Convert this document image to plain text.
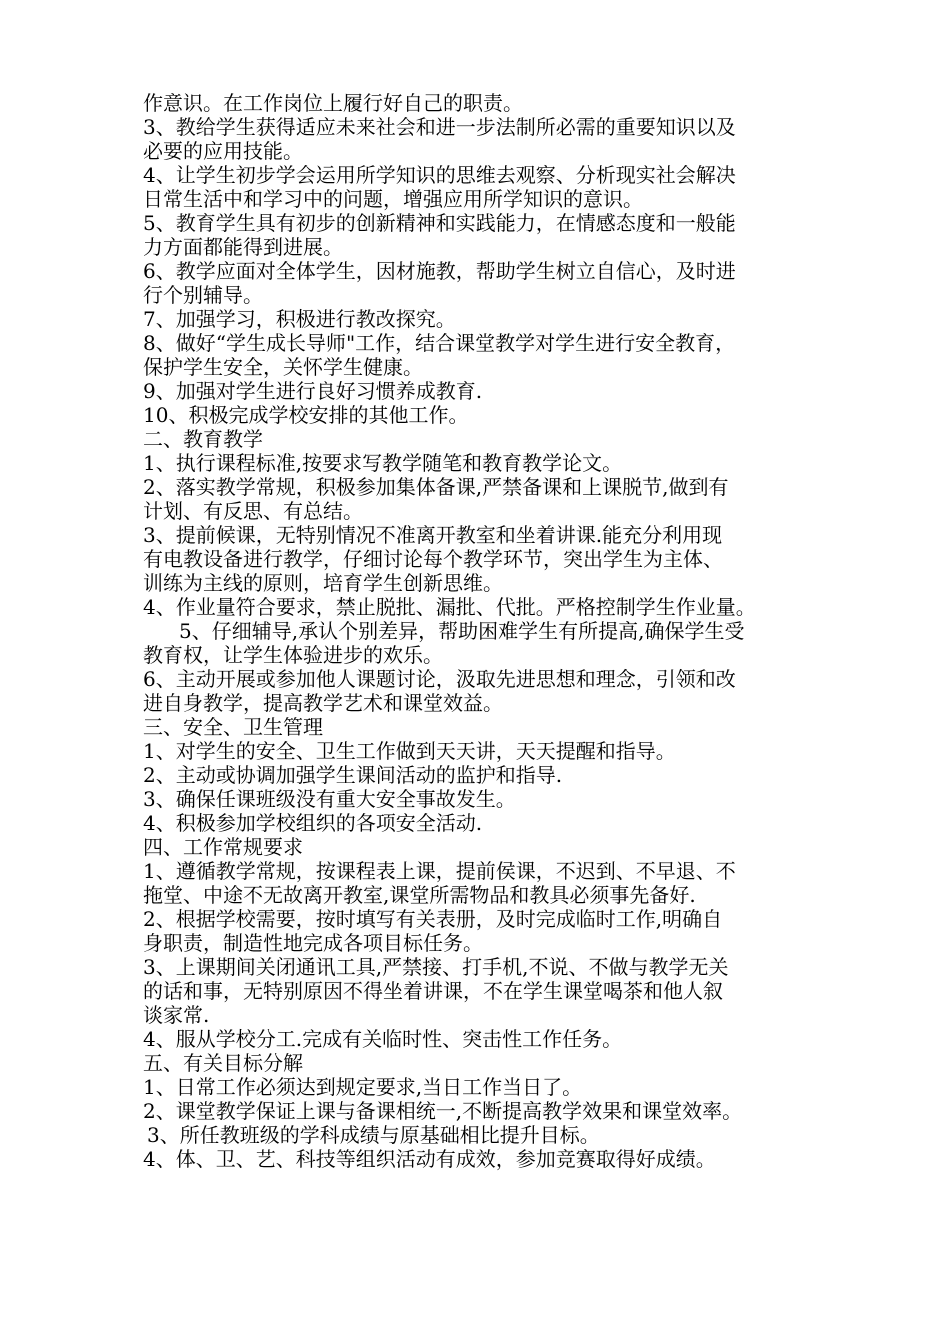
作意识。在工作岗位上履行好自己的职责。
3、教给学生获得适应未来社会和进一步法制所必需的重要知识以及
必要的应用技能。
4、让学生初步学会运用所学知识的思维去观察、分析现实社会解决
日常生活中和学习中的问题，增强应用所学知识的意识。
5、教育学生具有初步的创新精神和实践能力，在情感态度和一般能
力方面都能得到进展。
6、教学应面对全体学生，因材施教，帮助学生树立自信心，及时进
行个别辅导。
7、加强学习，积极进行教改探究。
8、做好“学生成长导师"工作，结合课堂教学对学生进行安全教育，
保护学生安全，关怀学生健康。
9、加强对学生进行良好习惯养成教育.
10、积极完成学校安排的其他工作。
二、教育教学
1、执行课程标准,按要求写教学随笔和教育教学论文。
2、落实教学常规，积极参加集体备课,严禁备课和上课脱节,做到有
计划、有反思、有总结。
3、提前候课，无特别情况不准离开教室和坐着讲课.能充分利用现
有电教设备进行教学，仔细讨论每个教学环节，突出学生为主体、
训练为主线的原则，培育学生创新思维。
4、作业量符合要求，禁止脱批、漏批、代批。严格控制学生作业量。
5、仔细辅导,承认个别差异，帮助困难学生有所提高,确保学生受
教育权，让学生体验进步的欢乐。
6、主动开展或参加他人课题讨论，汲取先进思想和理念，引领和改
进自身教学，提高教学艺术和课堂效益。
三、安全、卫生管理
1、对学生的安全、卫生工作做到天天讲，天天提醒和指导。
2、主动或协调加强学生课间活动的监护和指导.
3、确保任课班级没有重大安全事故发生。
4、积极参加学校组织的各项安全活动.
四、工作常规要求
1、遵循教学常规，按课程表上课，提前侯课，不迟到、不早退、不
拖堂、中途不无故离开教室,课堂所需物品和教具必须事先备好.
2、根据学校需要，按时填写有关表册，及时完成临时工作,明确自
身职责，制造性地完成各项目标任务。
3、上课期间关闭通讯工具,严禁接、打手机,不说、不做与教学无关
的话和事，无特别原因不得坐着讲课，不在学生课堂喝茶和他人叙
谈家常.
4、服从学校分工.完成有关临时性、突击性工作任务。
五、有关目标分解
1、日常工作必须达到规定要求,当日工作当日了。
2、课堂教学保证上课与备课相统一,不断提高教学效果和课堂效率。
3、所任教班级的学科成绩与原基础相比提升目标。
4、体、卫、艺、科技等组织活动有成效，参加竞赛取得好成绩。
